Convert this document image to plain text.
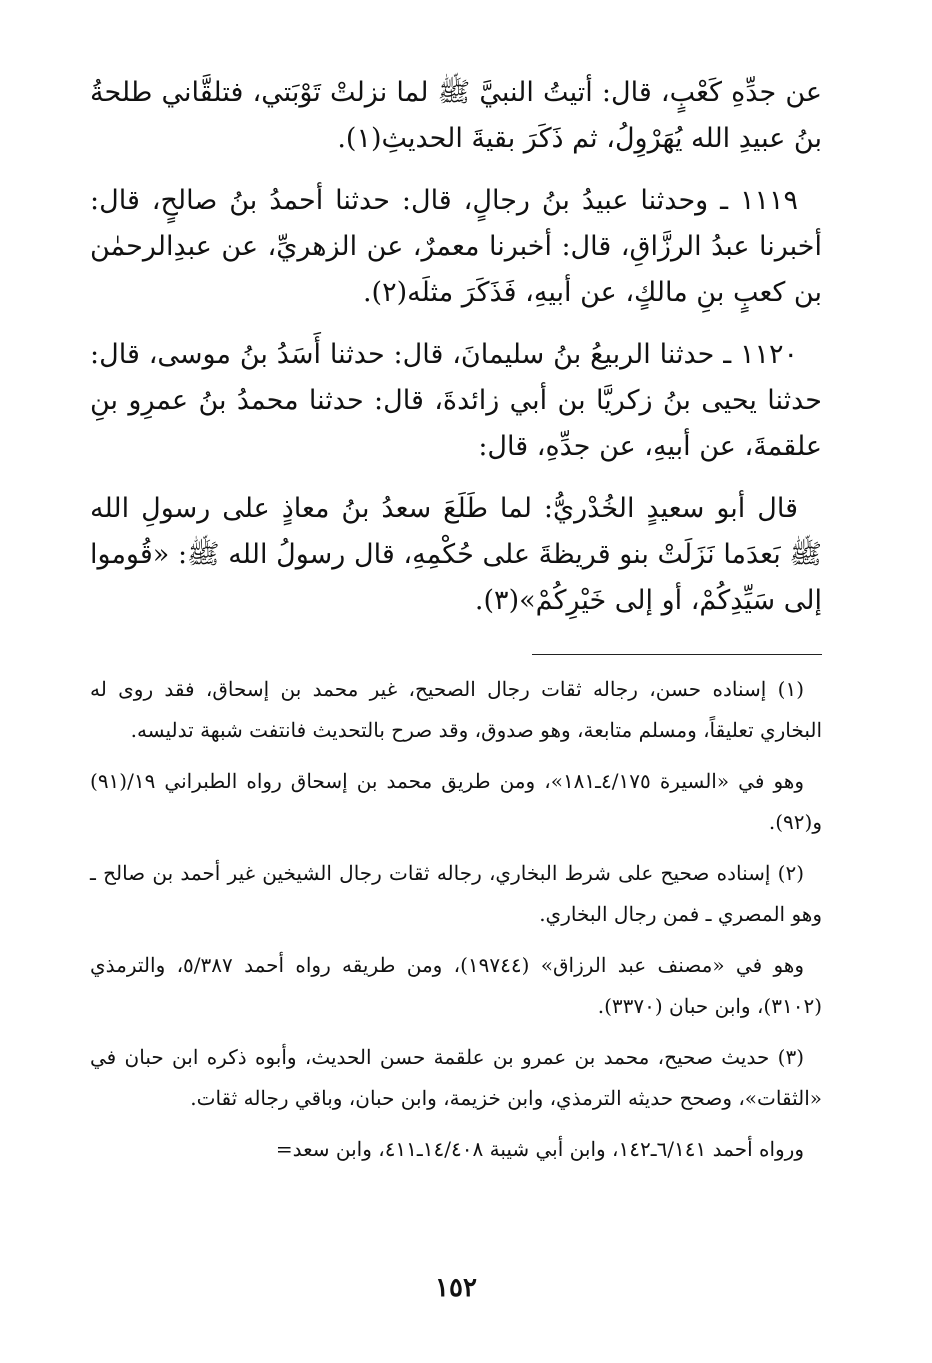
عن جدِّهِ كَعْبٍ، قال: أتيتُ النبيَّ ﷺ لما نزلتْ تَوْبَتي، فتلقَّاني طلحةُ بنُ عبيدِ الله يُهَرْوِلُ، ثم ذَكَرَ بقيةَ الحديثِ(١).

١١١٩ ـ وحدثنا عبيدُ بنُ رجالٍ، قال: حدثنا أحمدُ بنُ صالحٍ، قال: أخبرنا عبدُ الرزَّاقِ، قال: أخبرنا معمرٌ، عن الزهريِّ، عن عبدِالرحمٰن بن كعبٍ بنِ مالكٍ، عن أبيهِ، فَذَكَرَ مثلَه(٢).

١١٢٠ ـ حدثنا الربيعُ بنُ سليمانَ، قال: حدثنا أَسَدُ بنُ موسى، قال: حدثنا يحيى بنُ زكريَّا بن أبي زائدةَ، قال: حدثنا محمدُ بنُ عمرِو بنِ علقمةَ، عن أبيهِ، عن جدِّهِ، قال:

قال أبو سعيدٍ الخُدْريُّ: لما طَلَعَ سعدُ بنُ معاذٍ على رسولِ الله ﷺ بَعدَما نَزَلَتْ بنو قريظةَ على حُكْمِهِ، قال رسولُ الله ﷺ: «قُوموا إلى سَيِّدِكُمْ، أو إلى خَيْرِكُمْ»(٣).

(١) إسناده حسن، رجاله ثقات رجال الصحيح، غير محمد بن إسحاق، فقد روى له البخاري تعليقاً، ومسلم متابعة، وهو صدوق، وقد صرح بالتحديث فانتفت شبهة تدليسه.

وهو في «السيرة ٤/١٧٥ـ١٨١»، ومن طريق محمد بن إسحاق رواه الطبراني ١٩/(٩١) و(٩٢).

(٢) إسناده صحيح على شرط البخاري، رجاله ثقات رجال الشيخين غير أحمد بن صالح ـ وهو المصري ـ فمن رجال البخاري.

وهو في «مصنف عبد الرزاق» (١٩٧٤٤)، ومن طريقه رواه أحمد ٥/٣٨٧، والترمذي (٣١٠٢)، وابن حبان (٣٣٧٠).

(٣) حديث صحيح، محمد بن عمرو بن علقمة حسن الحديث، وأبوه ذكره ابن حبان في «الثقات»، وصحح حديثه الترمذي، وابن خزيمة، وابن حبان، وباقي رجاله ثقات.

ورواه أحمد ٦/١٤١ـ١٤٢، وابن أبي شيبة ١٤/٤٠٨ـ٤١١، وابن سعد=

١٥٢
